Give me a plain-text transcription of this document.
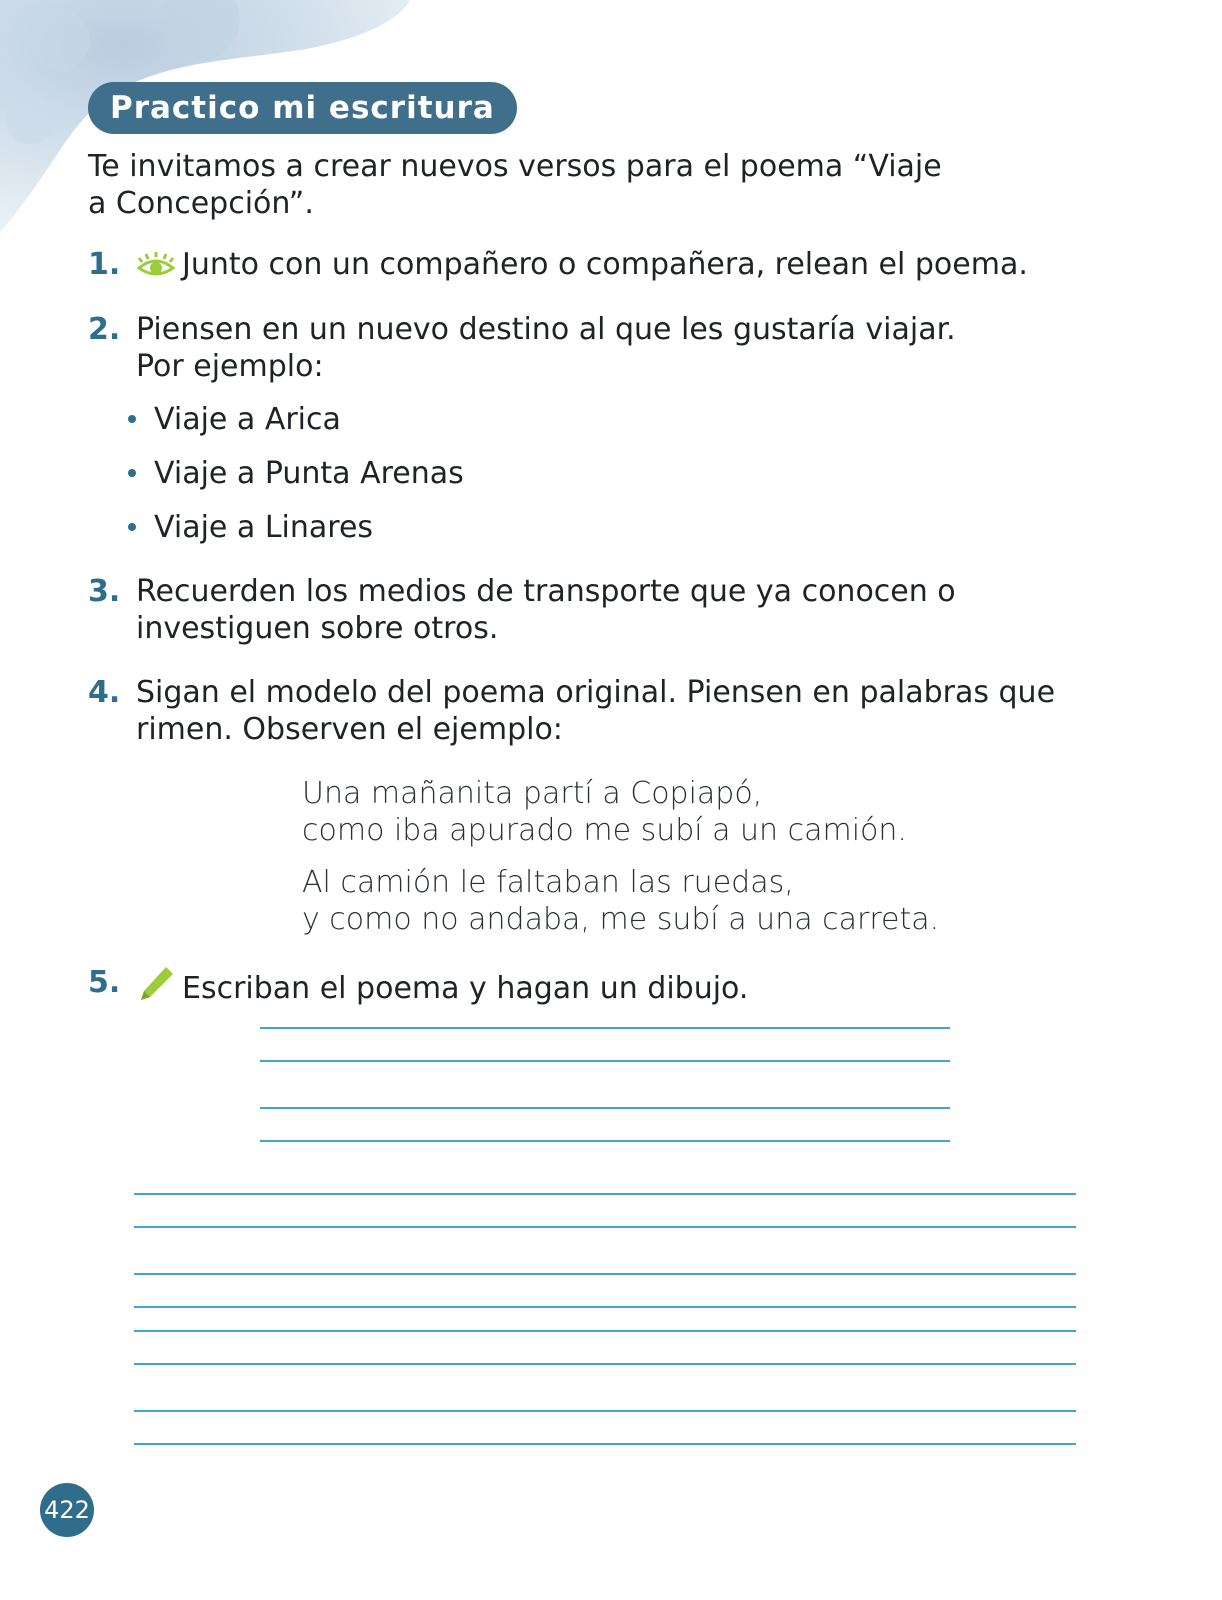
Practico mi escritura
Te invitamos a crear nuevos versos para el poema “Viaje
a Concepción”.
1.	Junto con un compañero o compañera, relean el poema.
2. Piensen en un nuevo destino al que les gustaría viajar.
Por ejemplo:
Viaje a Arica
Viaje a Punta Arenas
Viaje a Linares
3. Recuerden los medios de transporte que ya conocen o
investiguen sobre otros.
4. Sigan el modelo del poema original. Piensen en palabras que
rimen. Observen el ejemplo:
Una mañanita partí a Copiapó,
como iba apurado me subí a un camión.
Al camión le faltaban las ruedas,
y como no andaba, me subí a una carreta.
5.	Escriban el poema y hagan un dibujo.
422
